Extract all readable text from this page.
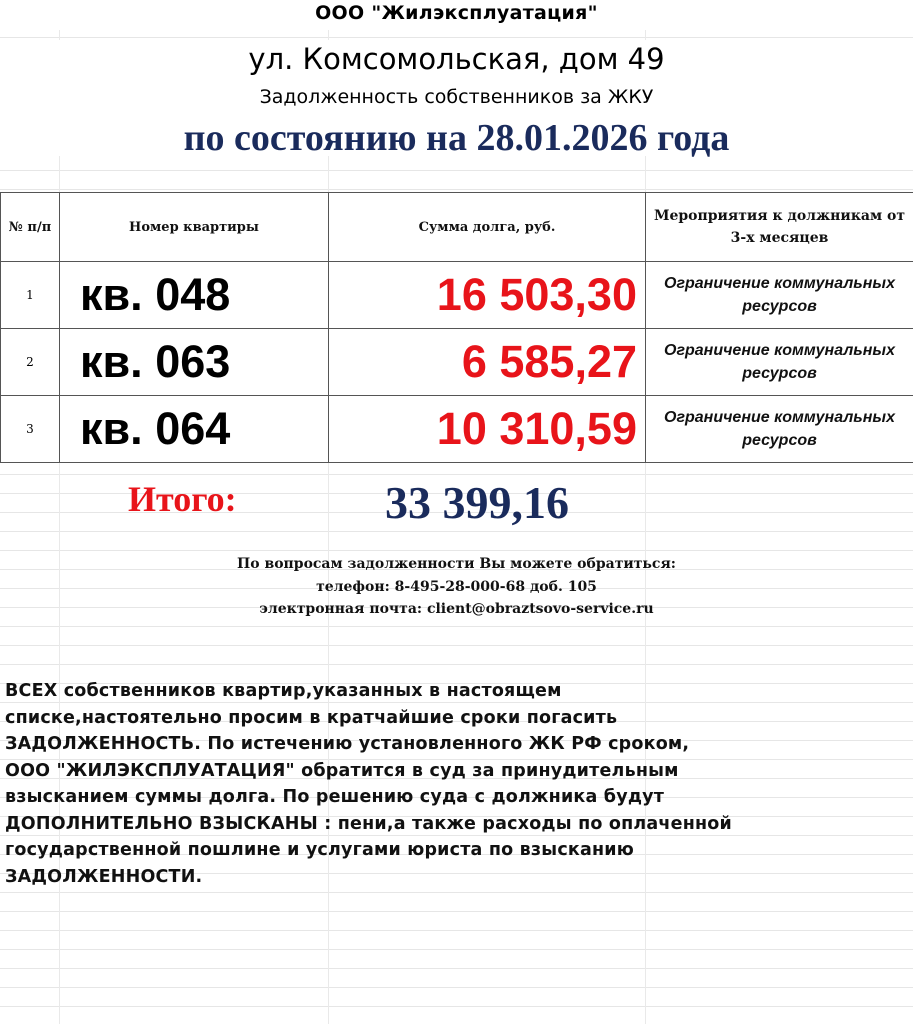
ООО "Жилэксплуатация"
ул. Комсомольская, дом 49
Задолженность собственников за ЖКУ
по состоянию на 28.01.2026 года
№ п/п	Номер квартиры	Сумма долга, руб.	Мероприятия к должникам от 3-х месяцев
1	кв. 048	16 503,30	Ограничение коммунальных ресурсов
2	кв. 063	6 585,27	Ограничение коммунальных ресурсов
3	кв. 064	10 310,59	Ограничение коммунальных ресурсов
Итого:	33 399,16
По вопросам задолженности Вы можете обратиться:
телефон: 8-495-28-000-68 доб. 105
электронная почта: client@obraztsovo-service.ru
ВСЕХ собственников квартир,указанных в настоящем
списке,настоятельно просим в кратчайшие сроки погасить
ЗАДОЛЖЕННОСТЬ. По истечению установленного ЖК РФ сроком,
ООО "ЖИЛЭКСПЛУАТАЦИЯ" обратится в суд за принудительным
взысканием суммы долга. По решению суда с должника будут
ДОПОЛНИТЕЛЬНО ВЗЫСКАНЫ : пени,а также расходы по оплаченной
государственной пошлине и услугами юриста по взысканию
ЗАДОЛЖЕННОСТИ.
